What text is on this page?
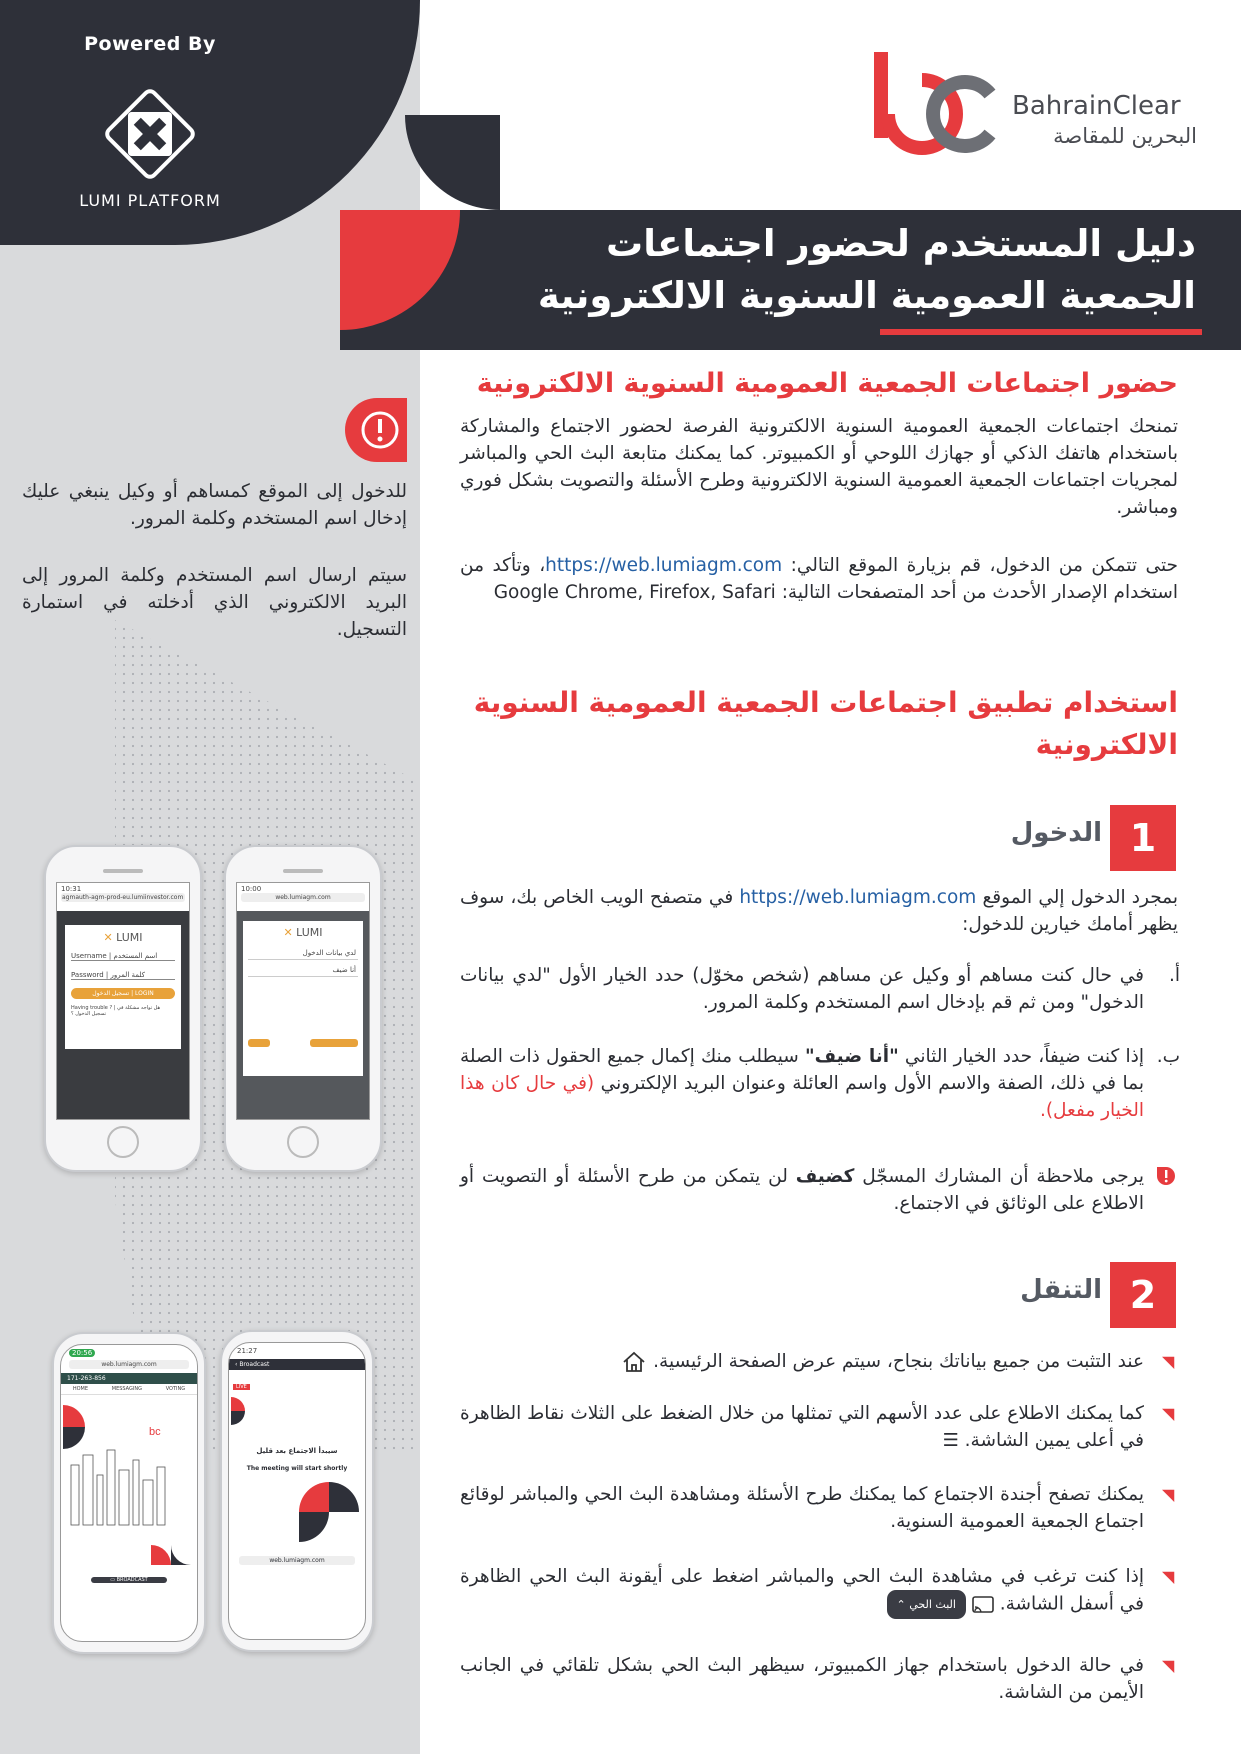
Powered By
LUMI PLATFORM
BahrainClear
البحرين للمقاصة
دليل المستخدم لحضور اجتماعات
الجمعية العمومية السنوية الالكترونية
للدخول إلى الموقع كمساهم أو وكيل ينبغي عليك إدخال اسم المستخدم وكلمة المرور.
سيتم ارسال اسم المستخدم وكلمة المرور إلى البريد الالكتروني الذي أدخلته في استمارة التسجيل.
حضور اجتماعات الجمعية العمومية السنوية الالكترونية
تمنحك اجتماعات الجمعية العمومية السنوية الالكترونية الفرصة لحضور الاجتماع والمشاركة باستخدام هاتفك الذكي أو جهازك اللوحي أو الكمبيوتر. كما يمكنك متابعة البث الحي والمباشر لمجريات اجتماعات الجمعية العمومية السنوية الالكترونية وطرح الأسئلة والتصويت بشكل فوري ومباشر.
حتى تتمكن من الدخول، قم بزيارة الموقع التالي: https://web.lumiagm.com، وتأكد من استخدام الإصدار الأحدث من أحد المتصفحات التالية: Google Chrome, Firefox, Safari
استخدام تطبيق اجتماعات الجمعية العمومية السنوية الالكترونية
1
الدخول
بمجرد الدخول إلي الموقع https://web.lumiagm.com في متصفح الويب الخاص بك، سوف يظهر أمامك خيارين للدخول:
أ.
في حال كنت مساهم أو وكيل عن مساهم (شخص مخوّل) حدد الخيار الأول "لدي بيانات الدخول" ومن ثم قم بإدخال اسم المستخدم وكلمة المرور.
ب.
إذا كنت ضيفاً، حدد الخيار الثاني "أنا ضيف" سيطلب منك إكمال جميع الحقول ذات الصلة بما في ذلك، الصفة والاسم الأول واسم العائلة وعنوان البريد الإلكتروني (في حال كان هذا الخيار مفعل).
يرجى ملاحظة أن المشارك المسجّل كضيف لن يتمكن من طرح الأسئلة أو التصويت أو الاطلاع على الوثائق في الاجتماع.
2
التنقل
◥
عند التثبت من جميع بياناتك بنجاح، سيتم عرض الصفحة الرئيسية.
◥
كما يمكنك الاطلاع على عدد الأسهم التي تمثلها من خلال الضغط على الثلاث نقاط الظاهرة في أعلى يمين الشاشة. ☰
◥
يمكنك تصفح أجندة الاجتماع كما يمكنك طرح الأسئلة ومشاهدة البث الحي والمباشر لوقائع اجتماع الجمعية العمومية السنوية.
◥
إذا كنت ترغب في مشاهدة البث الحي والمباشر اضغط على أيقونة البث الحي الظاهرة في أسفل الشاشة.  البث الحي ⌃
◥
في حالة الدخول باستخدام جهاز الكمبيوتر، سيظهر البث الحي بشكل تلقائي في الجانب الأيمن من الشاشة.
10:31
agmauth-agm-prod-eu.lumiinvestor.com
✕ LUMI
Username | اسم المستخدم
Password | كلمة المرور
تسجيل الدخول | LOGIN
Having trouble ? | هل تواجه مشكلة في تسجيل الدخول ؟
10:00
web.lumiagm.com
✕ LUMI
لدي بيانات الدخول
أنا ضيف
20:56
web.lumiagm.com
171-263-856
HOME	MESSAGING	VOTING
bc
▭ BROADCAST
21:27
‹ Broadcast
LIVE
سيبدأ الاجتماع بعد قليل
The meeting will start shortly
web.lumiagm.com
